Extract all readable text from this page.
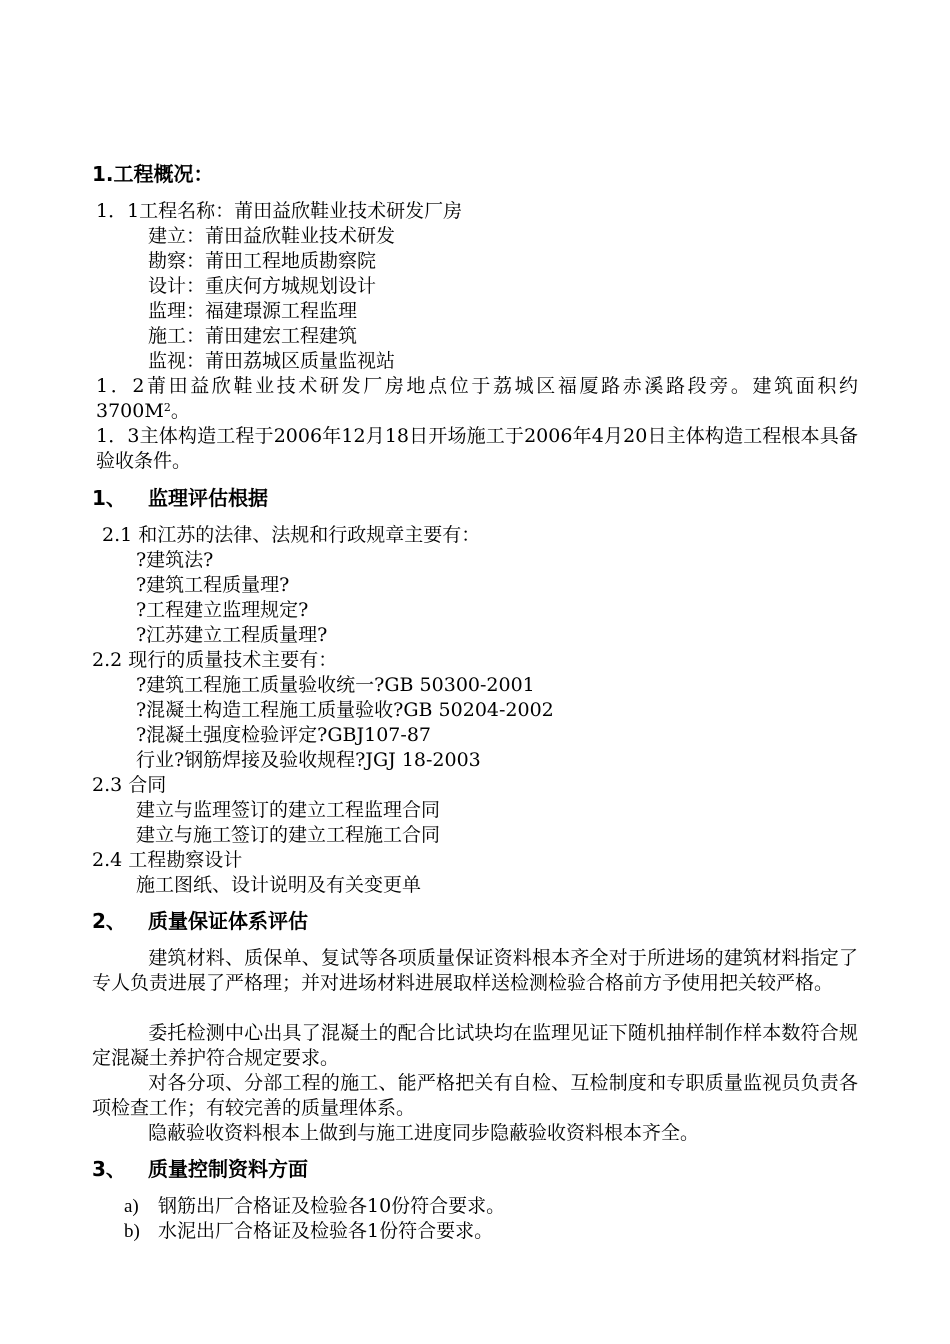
1.工程概况：
1．1工程名称：莆田益欣鞋业技术研发厂房
建立：莆田益欣鞋业技术研发
勘察：莆田工程地质勘察院
设计：重庆何方城规划设计
监理：福建璟源工程监理
施工：莆田建宏工程建筑
监视：莆田荔城区质量监视站
1．2莆田益欣鞋业技术研发厂房地点位于荔城区福厦路赤溪路段旁。建筑面积约$3700M^2$。
1．3主体构造工程于2006年12月18日开场施工于2006年4月20日主体构造工程根本具备验收条件。
1、 监理评估根据
2.1 和江苏的法律、法规和行政规章主要有：
?建筑法?
?建筑工程质量理?
?工程建立监理规定?
?江苏建立工程质量理?
2.2 现行的质量技术主要有：
?建筑工程施工质量验收统一?GB 50300-2001
?混凝土构造工程施工质量验收?GB 50204-2002
?混凝土强度检验评定?GBJ107-87
行业?钢筋焊接及验收规程?JGJ 18-2003
2.3 合同
建立与监理签订的建立工程监理合同
建立与施工签订的建立工程施工合同
2.4 工程勘察设计
施工图纸、设计说明及有关变更单
2、 质量保证体系评估
建筑材料、质保单、复试等各项质量保证资料根本齐全对于所进场的建筑材料指定了专人负责进展了严格理；并对进场材料进展取样送检测检验合格前方予使用把关较严格。
委托检测中心出具了混凝土的配合比试块均在监理见证下随机抽样制作样本数符合规定混凝土养护符合规定要求。
对各分项、分部工程的施工、能严格把关有自检、互检制度和专职质量监视员负责各项检查工作；有较完善的质量理体系。
隐蔽验收资料根本上做到与施工进度同步隐蔽验收资料根本齐全。
3、 质量控制资料方面
a) 钢筋出厂合格证及检验各10份符合要求。
b) 水泥出厂合格证及检验各1份符合要求。
